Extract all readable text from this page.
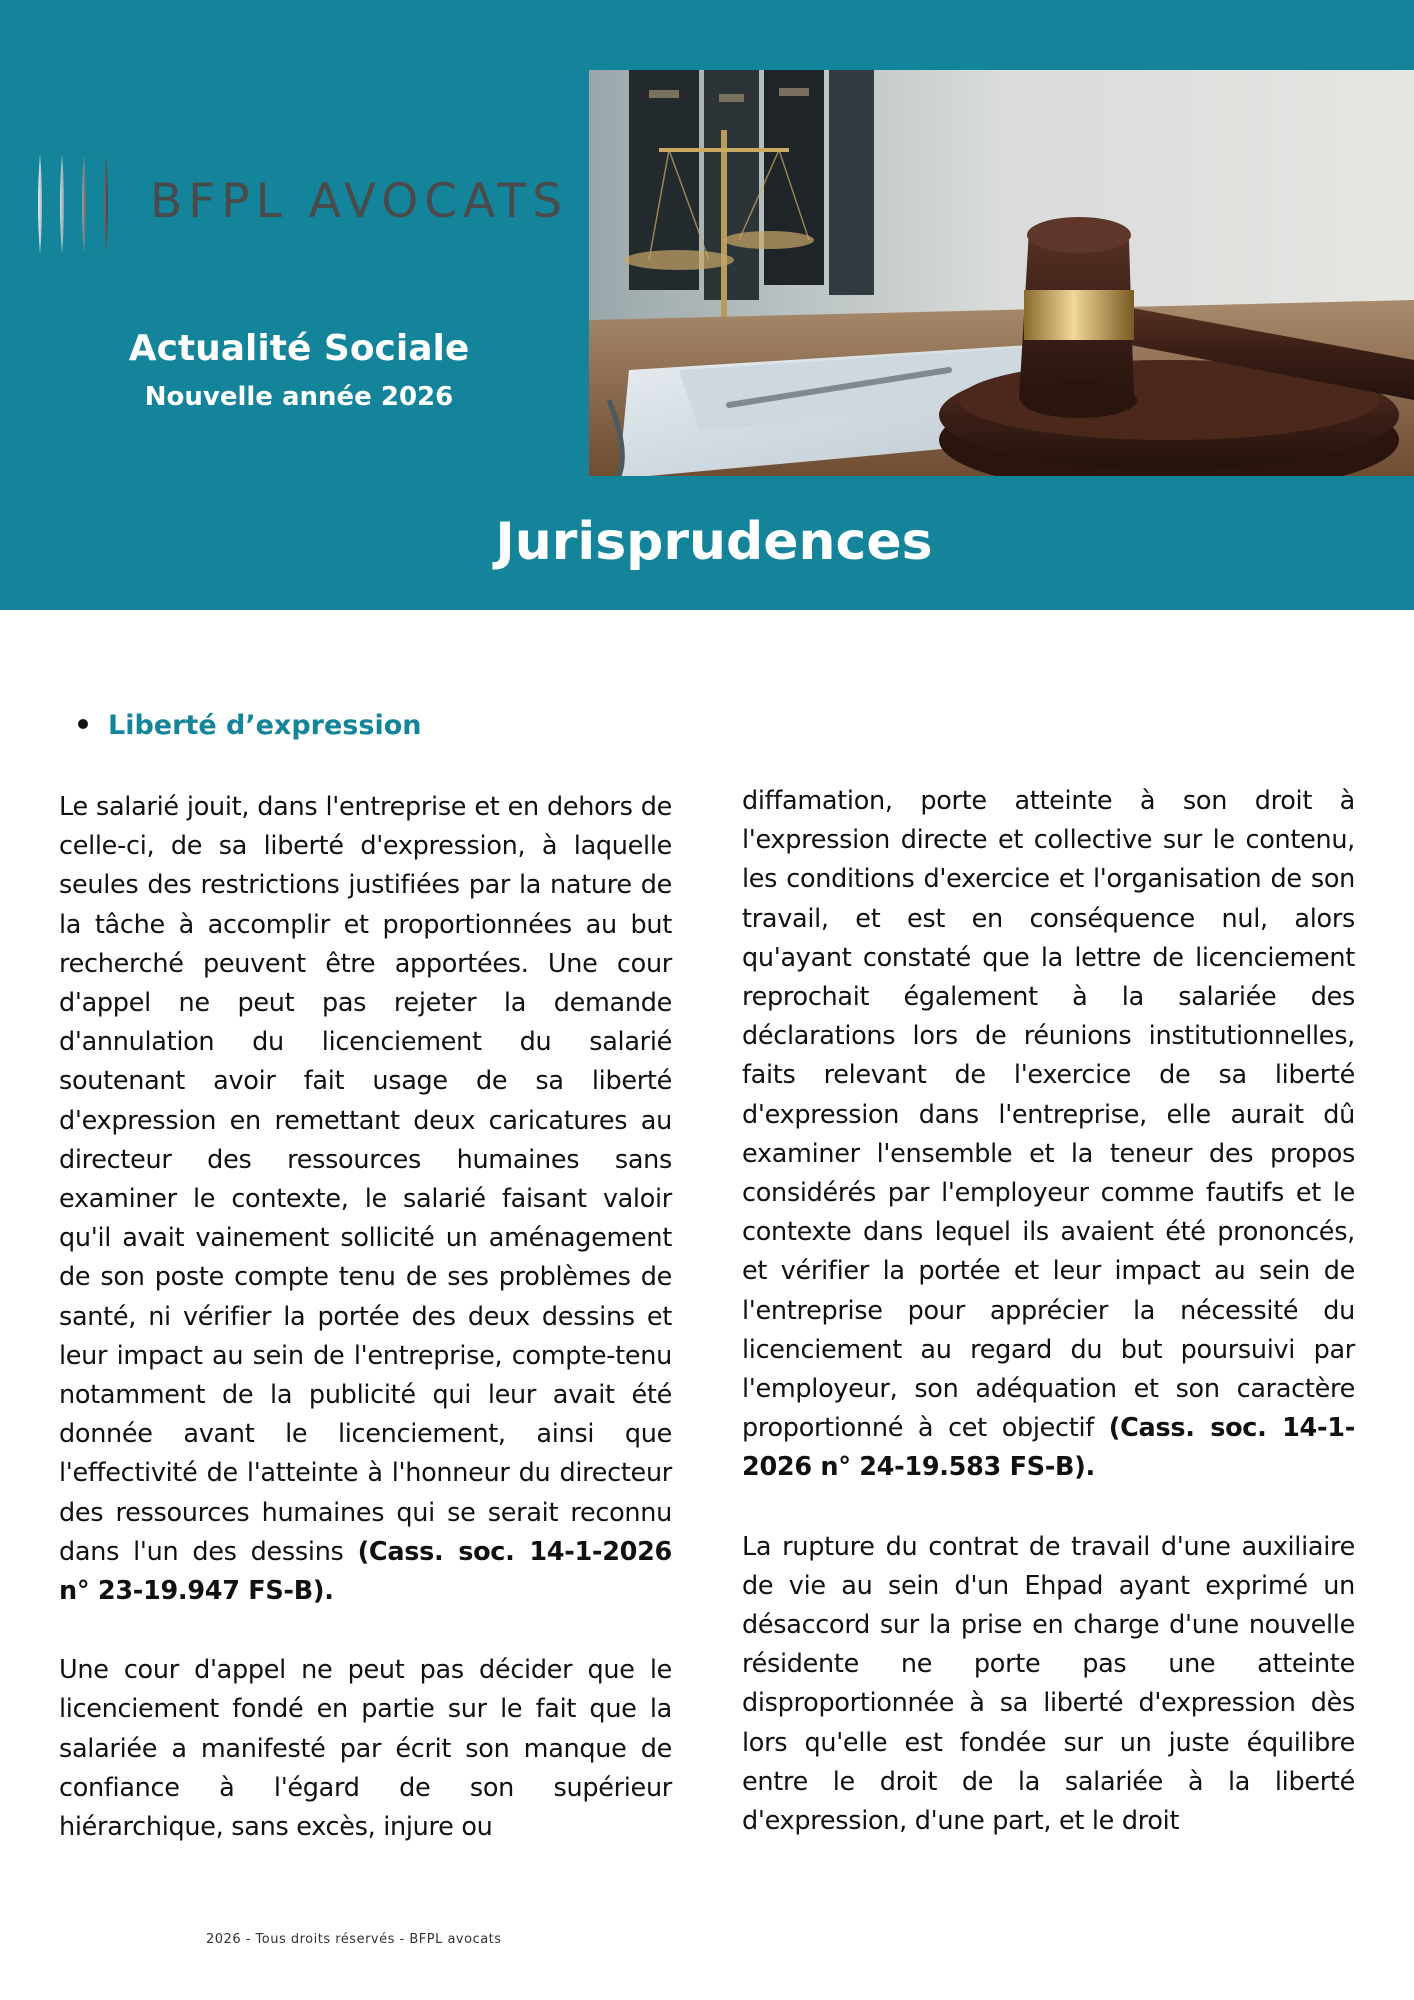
BFPL AVOCATS
Actualité Sociale
Nouvelle année 2026
Jurisprudences
Liberté d’expression

Le salarié jouit, dans l'entreprise et en dehors de celle-ci, de sa liberté d'expression, à laquelle seules des restrictions justifiées par la nature de la tâche à accomplir et proportionnées au but recherché peuvent être apportées. Une cour d'appel ne peut pas rejeter la demande d'annulation du licenciement du salarié soutenant avoir fait usage de sa liberté d'expression en remettant deux caricatures au directeur des ressources humaines sans examiner le contexte, le salarié faisant valoir qu'il avait vainement sollicité un aménagement de son poste compte tenu de ses problèmes de santé, ni vérifier la portée des deux dessins et leur impact au sein de l'entreprise, compte-tenu notamment de la publicité qui leur avait été donnée avant le licenciement, ainsi que l'effectivité de l'atteinte à l'honneur du directeur des ressources humaines qui se serait reconnu dans l'un des dessins (Cass. soc. 14-1-2026 n° 23-19.947 FS-B).

Une cour d'appel ne peut pas décider que le licenciement fondé en partie sur le fait que la salariée a manifesté par écrit son manque de confiance à l'égard de son supérieur hiérarchique, sans excès, injure ou

diffamation, porte atteinte à son droit à l'expression directe et collective sur le contenu, les conditions d'exercice et l'organisation de son travail, et est en conséquence nul, alors qu'ayant constaté que la lettre de licenciement reprochait également à la salariée des déclarations lors de réunions institutionnelles, faits relevant de l'exercice de sa liberté d'expression dans l'entreprise, elle aurait dû examiner l'ensemble et la teneur des propos considérés par l'employeur comme fautifs et le contexte dans lequel ils avaient été prononcés, et vérifier la portée et leur impact au sein de l'entreprise pour apprécier la nécessité du licenciement au regard du but poursuivi par l'employeur, son adéquation et son caractère proportionné à cet objectif (Cass. soc. 14-1-2026 n° 24-19.583 FS-B).

La rupture du contrat de travail d'une auxiliaire de vie au sein d'un Ehpad ayant exprimé un désaccord sur la prise en charge d'une nouvelle résidente ne porte pas une atteinte disproportionnée à sa liberté d'expression dès lors qu'elle est fondée sur un juste équilibre entre le droit de la salariée à la liberté d'expression, d'une part, et le droit

2026 - Tous droits réservés - BFPL avocats
